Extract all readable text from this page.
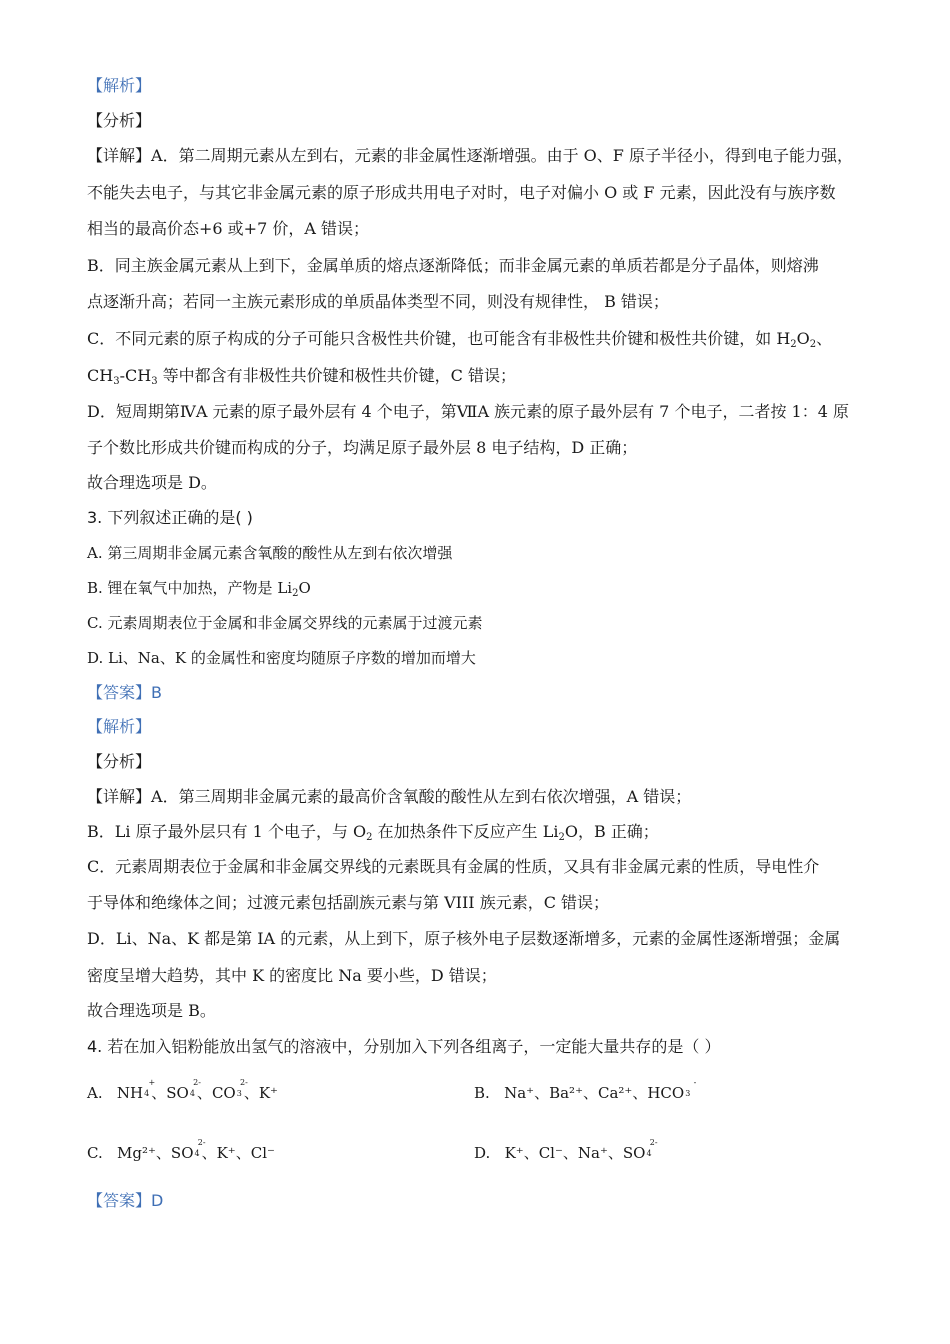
【解析】
【分析】
【详解】A．第二周期元素从左到右，元素的非金属性逐渐增强。由于 O、F 原子半径小，得到电子能力强，
不能失去电子，与其它非金属元素的原子形成共用电子对时，电子对偏小 O 或 F 元素，因此没有与族序数
相当的最高价态+6 或+7 价，A 错误；
B．同主族金属元素从上到下，金属单质的熔点逐渐降低；而非金属元素的单质若都是分子晶体，则熔沸
点逐渐升高；若同一主族元素形成的单质晶体类型不同，则没有规律性， B 错误；
C．不同元素的原子构成的分子可能只含极性共价键，也可能含有非极性共价键和极性共价键，如 $H_2O_2$、
$CH_3-CH_3$ 等中都含有非极性共价键和极性共价键，C 错误；
D．短周期第ⅣA 元素的原子最外层有 4 个电子，第ⅦA 族元素的原子最外层有 7 个电子，二者按 1：4 原
子个数比形成共价键而构成的分子，均满足原子最外层 8 电子结构，D 正确；
故合理选项是 D。
3. 下列叙述正确的是( )
A. 第三周期非金属元素含氧酸的酸性从左到右依次增强
B. 锂在氧气中加热，产物是 $Li_2O$
C. 元素周期表位于金属和非金属交界线的元素属于过渡元素
D. Li、Na、K 的金属性和密度均随原子序数的增加而增大
【答案】B
【解析】
【分析】
【详解】A．第三周期非金属元素的最高价含氧酸的酸性从左到右依次增强，A 错误；
B．Li 原子最外层只有 1 个电子，与 $O_2$ 在加热条件下反应产生 $Li_2O$，B 正确；
C．元素周期表位于金属和非金属交界线的元素既具有金属的性质，又具有非金属元素的性质，导电性介
于导体和绝缘体之间；过渡元素包括副族元素与第 VIII 族元素，C 错误；
D．Li、Na、K 都是第 IA 的元素，从上到下，原子核外电子层数逐渐增多，元素的金属性逐渐增强；金属
密度呈增大趋势，其中 K 的密度比 Na 要小些，D 错误；
故合理选项是 B。
4. 若在加入铝粉能放出氢气的溶液中，分别加入下列各组离子，一定能大量共存的是（ ）
A. NH4
+
、SO4
2-
、CO3
2-
、K⁺	B. Na⁺、Ba²⁺、Ca²⁺、HCO3
-
C. Mg²⁺、SO4
2-
、K⁺、Cl⁻	D. K⁺、Cl⁻、Na⁺、SO4
2-
【答案】D
